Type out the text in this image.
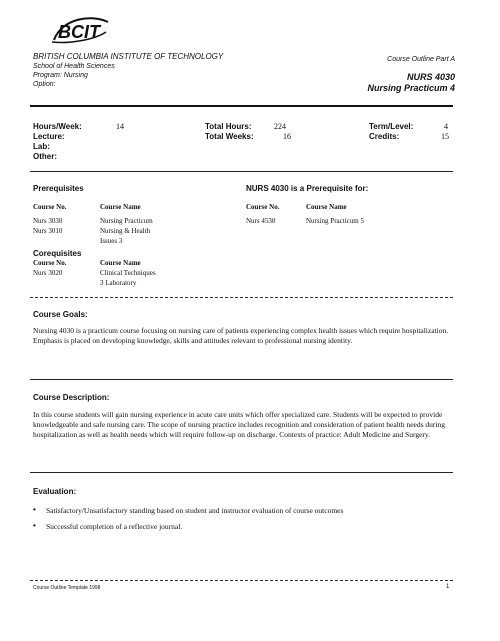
BCIT
BRITISH COLUMBIA INSTITUTE OF TECHNOLOGY
School of Health Sciences
Program: Nursing
Option:
Course Outline Part A
NURS 4030
Nursing Practicum 4
Hours/Week:	14
Lecture:
Lab:
Other:
Total Hours:	224
Total Weeks:	16
Term/Level:	4
Credits:	15
Prerequisites
Course No.	Course Name
Nurs 3030	Nursing Practicum
Nurs 3010	Nursing & Health
Issues 3
NURS 4030 is a Prerequisite for:
Course No.	Course Name
Nurs 4530	Nursing Practicum 5
Corequisites
Course No.	Course Name
Nurs 3020	Clinical Techniques
3 Laboratory
Course Goals:
Nursing 4030 is a practicum course focusing on nursing care of patients experiencing complex health issues which require hospitalization. Emphasis is placed on developing knowledge, skills and attitudes relevant to professional nursing identity.
Course Description:
In this course students will gain nursing experience in acute care units which offer specialized care. Students will be expected to provide knowledgeable and safe nursing care. The scope of nursing practice includes recognition and consideration of patient health needs during hospitalization as well as health needs which will require follow-up on discharge. Contexts of practice: Adult Medicine and Surgery.
Evaluation:
• Satisfactory/Unsatisfactory standing based on student and instructor evaluation of course outcomes
• Successful completion of a reflective journal.
Course Outline Template 1998	1
